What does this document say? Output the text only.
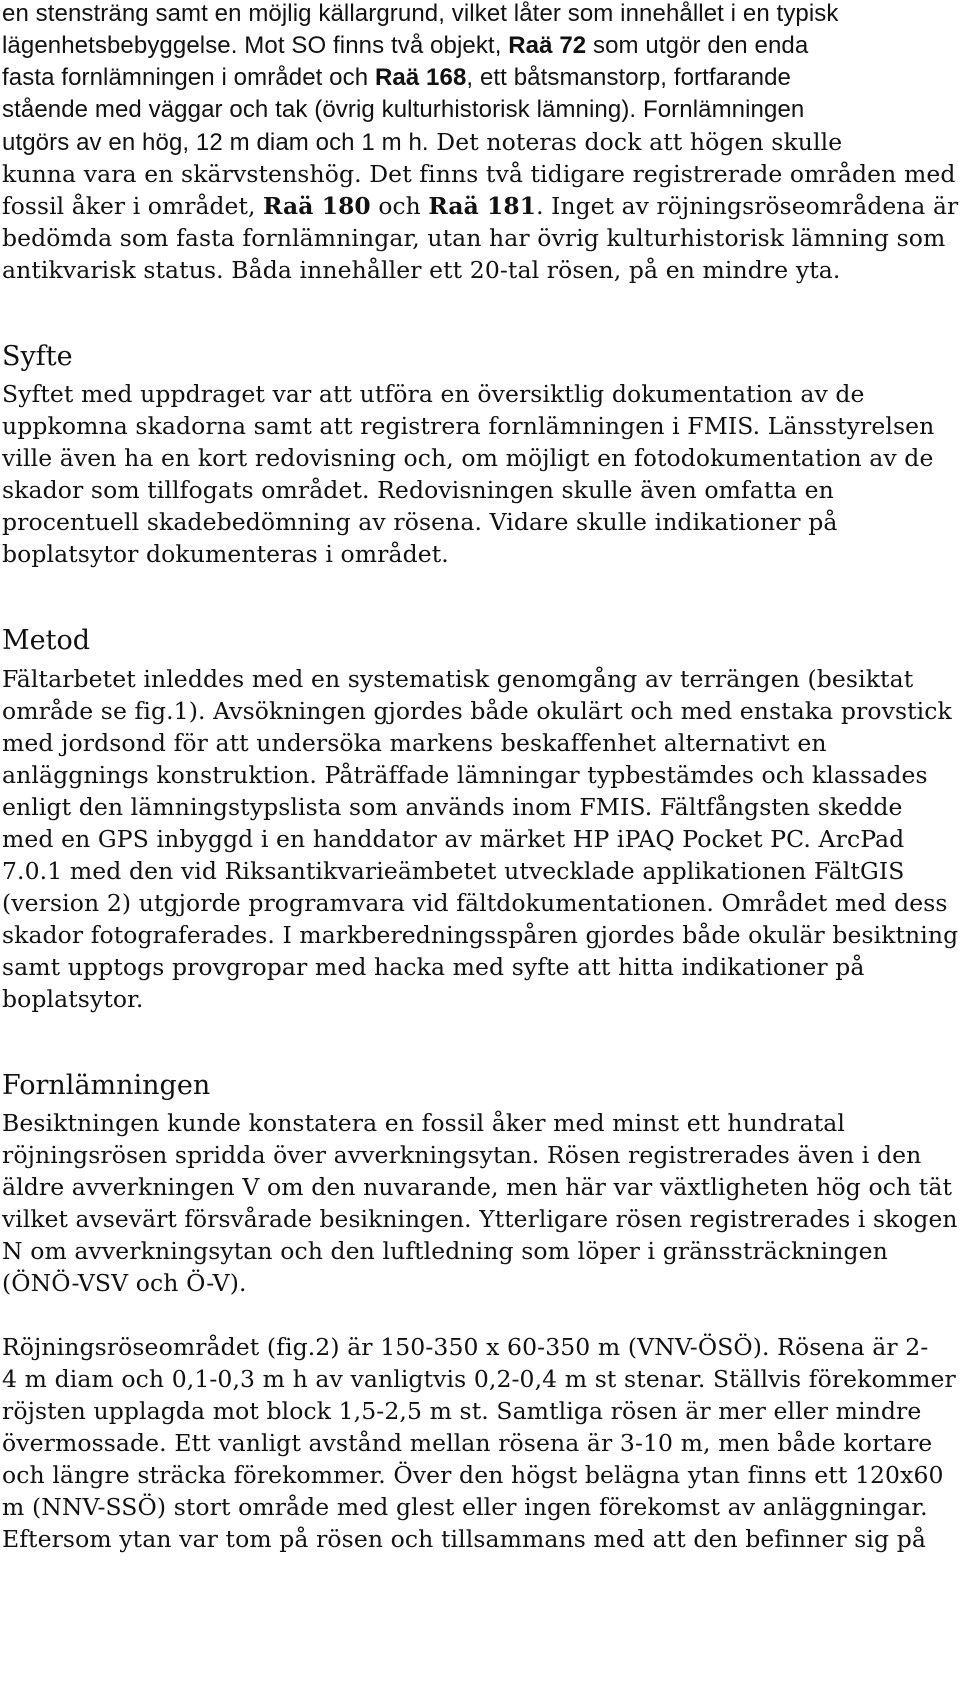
en stensträng samt en möjlig källargrund, vilket låter som innehållet i en typisk
lägenhetsbebyggelse. Mot SO finns två objekt, Raä 72 som utgör den enda
fasta fornlämningen i området och Raä 168, ett båtsmanstorp, fortfarande
stående med väggar och tak (övrig kulturhistorisk lämning). Fornlämningen
utgörs av en hög, 12 m diam och 1 m h. Det noteras dock att högen skulle
kunna vara en skärvstenshög. Det finns två tidigare registrerade områden med
fossil åker i området, Raä 180 och Raä 181. Inget av röjningsröseområdena är
bedömda som fasta fornlämningar, utan har övrig kulturhistorisk lämning som
antikvarisk status. Båda innehåller ett 20-tal rösen, på en mindre yta.
Syfte
Syftet med uppdraget var att utföra en översiktlig dokumentation av de
uppkomna skadorna samt att registrera fornlämningen i FMIS. Länsstyrelsen
ville även ha en kort redovisning och, om möjligt en fotodokumentation av de
skador som tillfogats området. Redovisningen skulle även omfatta en
procentuell skadebedömning av rösena. Vidare skulle indikationer på
boplatsytor dokumenteras i området.
Metod
Fältarbetet inleddes med en systematisk genomgång av terrängen (besiktat
område se fig.1). Avsökningen gjordes både okulärt och med enstaka provstick
med jordsond för att undersöka markens beskaffenhet alternativt en
anläggnings konstruktion. Påträffade lämningar typbestämdes och klassades
enligt den lämningstypslista som används inom FMIS. Fältfångsten skedde
med en GPS inbyggd i en handdator av märket HP iPAQ Pocket PC. ArcPad
7.0.1 med den vid Riksantikvarieämbetet utvecklade applikationen FältGIS
(version 2) utgjorde programvara vid fältdokumentationen. Området med dess
skador fotograferades. I markberedningsspåren gjordes både okulär besiktning
samt upptogs provgropar med hacka med syfte att hitta indikationer på
boplatsytor.
Fornlämningen
Besiktningen kunde konstatera en fossil åker med minst ett hundratal
röjningsrösen spridda över avverkningsytan. Rösen registrerades även i den
äldre avverkningen V om den nuvarande, men här var växtligheten hög och tät
vilket avsevärt försvårade besikningen. Ytterligare rösen registrerades i skogen
N om avverkningsytan och den luftledning som löper i gränssträckningen
(ÖNÖ-VSV och Ö-V).
Röjningsröseområdet (fig.2) är 150-350 x 60-350 m (VNV-ÖSÖ). Rösena är 2-
4 m diam och 0,1-0,3 m h av vanligtvis 0,2-0,4 m st stenar. Ställvis förekommer
röjsten upplagda mot block 1,5-2,5 m st. Samtliga rösen är mer eller mindre
övermossade. Ett vanligt avstånd mellan rösena är 3-10 m, men både kortare
och längre sträcka förekommer. Över den högst belägna ytan finns ett 120x60
m (NNV-SSÖ) stort område med glest eller ingen förekomst av anläggningar.
Eftersom ytan var tom på rösen och tillsammans med att den befinner sig på
